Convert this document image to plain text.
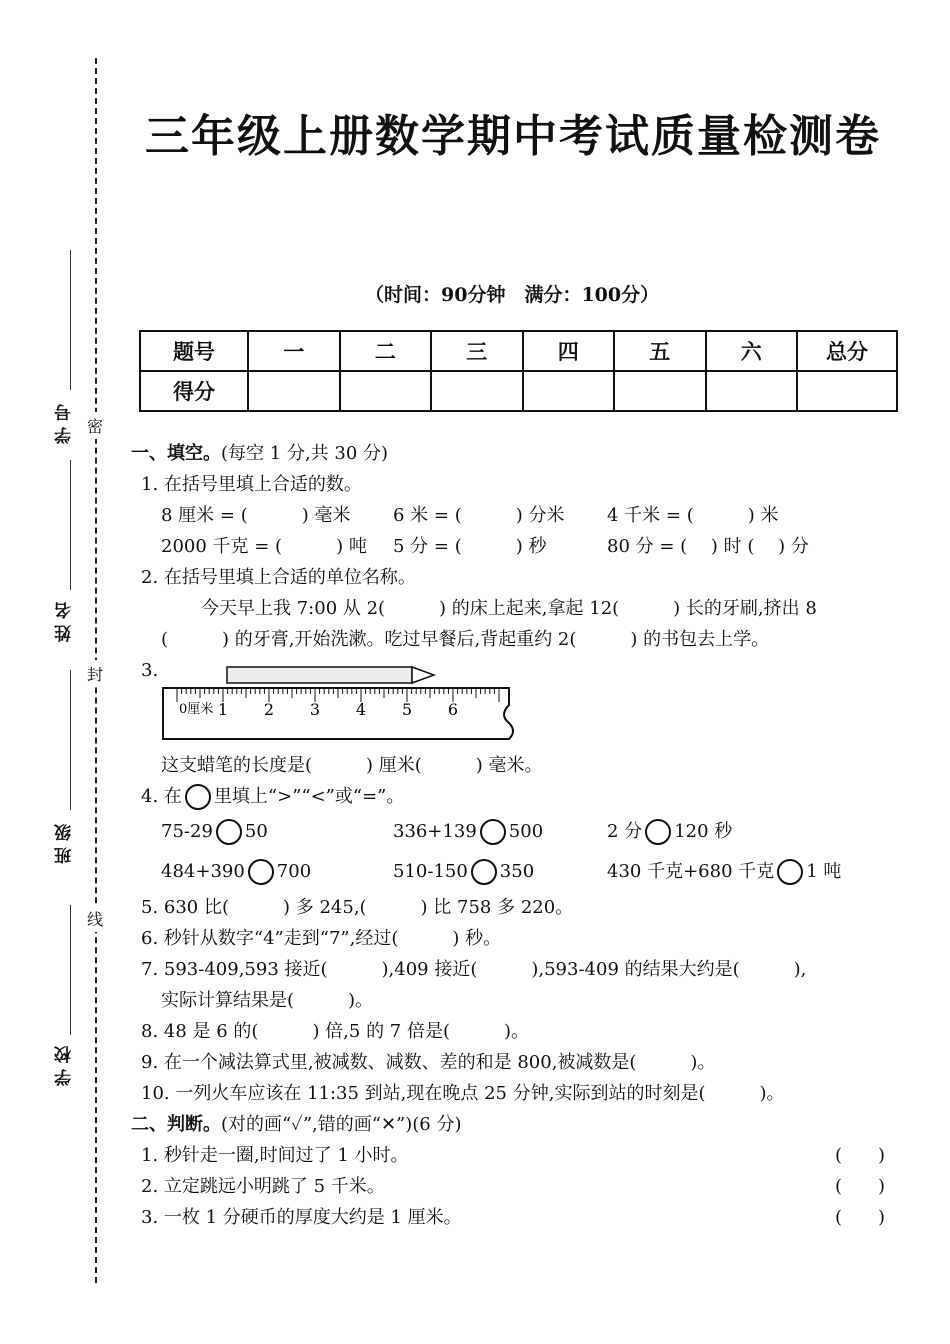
学号
姓名
班级
学校
密
封
线
三年级上册数学期中考试质量检测卷
（时间：90分钟　满分：100分）
题号	一	二	三	四	五	六	总分
得分							
一、填空。(每空 1 分,共 30 分)
1. 在括号里填上合适的数。
8 厘米 = (　　　) 毫米 6 米 = (　　　) 分米 4 千米 = (　　　) 米
2000 千克 = (　　　) 吨 5 分 = (　　　) 秒	80 分 = (　 ) 时 (　 ) 分
2. 在括号里填上合适的单位名称。
今天早上我 7:00 从 2(　　　) 的床上起来,拿起 12(　　　) 长的牙刷,挤出 8
(　　　) 的牙膏,开始洗漱。吃过早餐后,背起重约 2(　　　) 的书包去上学。
3.
0厘米 1 2 3 4 5 6
这支蜡笔的长度是(　　　) 厘米(　　　) 毫米。
4. 在 里填上“>”“<”或“=”。
75-29 50	336+139 500	2 分 120 秒
484+390 700	510-150 350	430 千克+680 千克 1 吨
5. 630 比(　　　) 多 245,(　　　) 比 758 多 220。
6. 秒针从数字“4”走到“7”,经过(　　　) 秒。
7. 593-409,593 接近(　　　),409 接近(　　　),593-409 的结果大约是(　　　),
实际计算结果是(　　　)。
8. 48 是 6 的(　　　) 倍,5 的 7 倍是(　　　)。
9. 在一个减法算式里,被减数、减数、差的和是 800,被减数是(　　　)。
10. 一列火车应该在 11:35 到站,现在晚点 25 分钟,实际到站的时刻是(　　　)。
二、判断。(对的画“✓”,错的画“✕”)(6 分)
1. 秒针走一圈,时间过了 1 小时。	(　　)
2. 立定跳远小明跳了 5 千米。	(　　)
3. 一枚 1 分硬币的厚度大约是 1 厘米。	(　　)
